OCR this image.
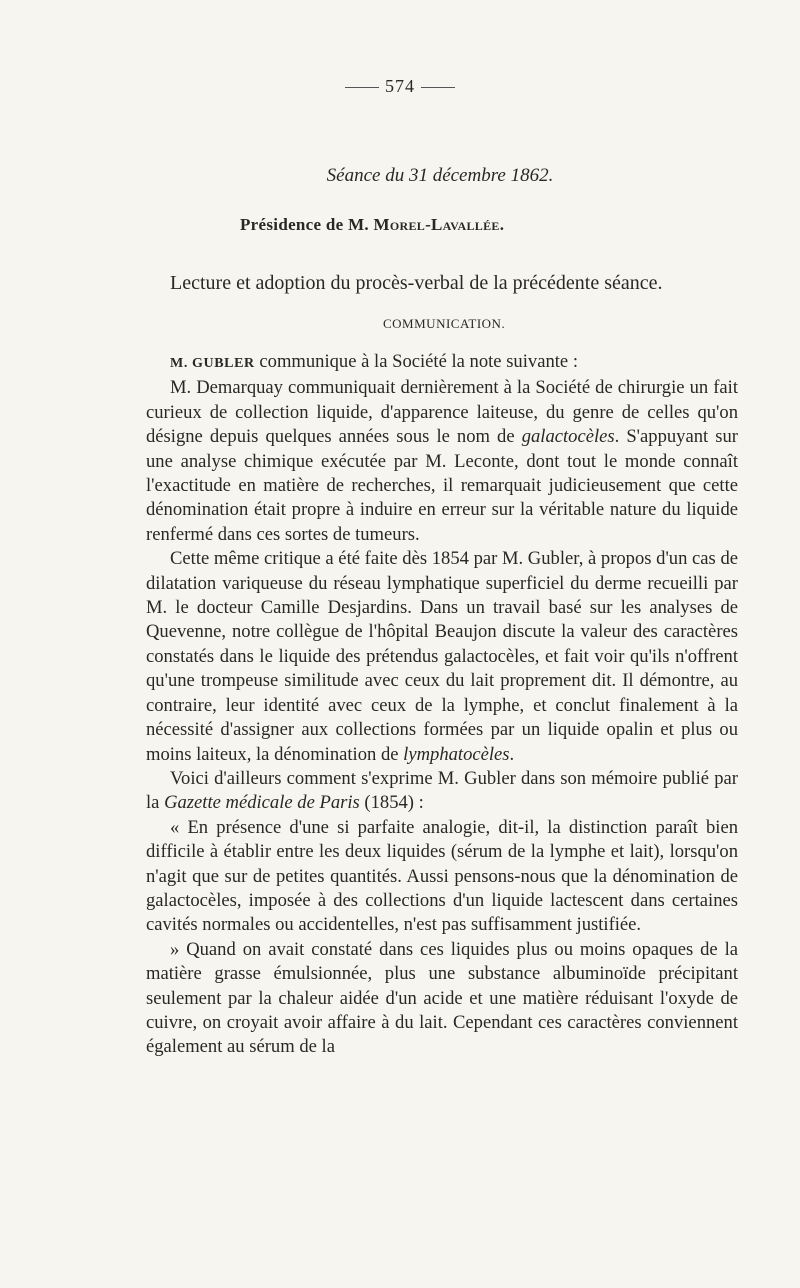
574
Séance du 31 décembre 1862.
Présidence de M. Morel-Lavallée.
Lecture et adoption du procès-verbal de la précédente séance.
COMMUNICATION.

M. GUBLER communique à la Société la note suivante :

M. Demarquay communiquait dernièrement à la Société de chirurgie un fait curieux de collection liquide, d'apparence laiteuse, du genre de celles qu'on désigne depuis quelques années sous le nom de galactocèles. S'appuyant sur une analyse chimique exécutée par M. Leconte, dont tout le monde connaît l'exactitude en matière de recherches, il remarquait judicieusement que cette dénomination était propre à induire en erreur sur la véritable nature du liquide renfermé dans ces sortes de tumeurs.

Cette même critique a été faite dès 1854 par M. Gubler, à propos d'un cas de dilatation variqueuse du réseau lymphatique superficiel du derme recueilli par M. le docteur Camille Desjardins. Dans un travail basé sur les analyses de Quevenne, notre collègue de l'hôpital Beaujon discute la valeur des caractères constatés dans le liquide des prétendus galactocèles, et fait voir qu'ils n'offrent qu'une trompeuse similitude avec ceux du lait proprement dit. Il démontre, au contraire, leur identité avec ceux de la lymphe, et conclut finalement à la nécessité d'assigner aux collections formées par un liquide opalin et plus ou moins laiteux, la dénomination de lymphatocèles.

Voici d'ailleurs comment s'exprime M. Gubler dans son mémoire publié par la Gazette médicale de Paris (1854) :

« En présence d'une si parfaite analogie, dit-il, la distinction paraît bien difficile à établir entre les deux liquides (sérum de la lymphe et lait), lorsqu'on n'agit que sur de petites quantités. Aussi pensons-nous que la dénomination de galactocèles, imposée à des collections d'un liquide lactescent dans certaines cavités normales ou accidentelles, n'est pas suffisamment justifiée.

» Quand on avait constaté dans ces liquides plus ou moins opaques de la matière grasse émulsionnée, plus une substance albuminoïde précipitant seulement par la chaleur aidée d'un acide et une matière réduisant l'oxyde de cuivre, on croyait avoir affaire à du lait. Cependant ces caractères conviennent également au sérum de la
